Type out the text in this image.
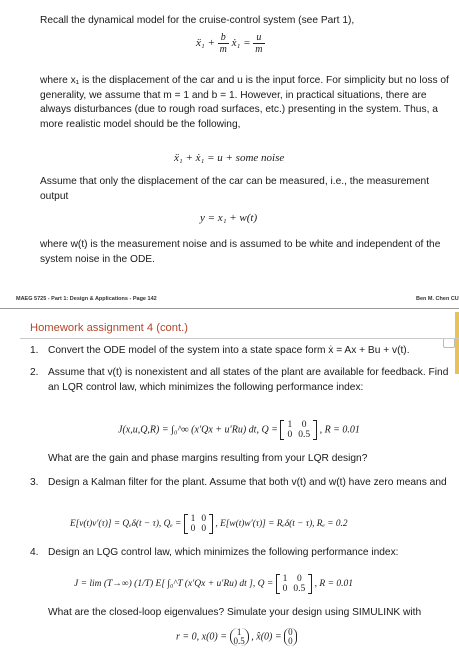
Recall the dynamical model for the cruise-control system (see Part 1),
ẍ₁ + $\frac{b}{m}$ ẋ₁ = $\frac{u}{m}$
where x₁ is the displacement of the car and u is the input force. For simplicity but no loss of generality, we assume that m = 1 and b = 1. However, in practical situations, there are always disturbances (due to rough road surfaces, etc.) presenting in the system. Thus, a more realistic model should be the following,
ẍ₁ + ẋ₁ = u + some noise
Assume that only the displacement of the car can be measured, i.e., the measurement output
y = x₁ + w(t)
where w(t) is the measurement noise and is assumed to be white and independent of the system noise in the ODE.
MAEG 5725 - Part 1: Design & Applications - Page 142	Ben M. Chen CU
Homework assignment 4 (cont.)
1. Convert the ODE model of the system into a state space form ẋ = Ax + Bu + v(t).
2. Assume that v(t) is nonexistent and all states of the plant are available for feedback. Find an LQR control law, which minimizes the following performance index:
J(x,u,Q,R) = ∫₀^∞ (x′Qx + u′Ru) dt, Q = 1	0
0	0.5 , R = 0.01
What are the gain and phase margins resulting from your LQR design?
3. Design a Kalman filter for the plant. Assume that both v(t) and w(t) have zero means and
E[v(t)v′(τ)] = Qₑδ(t − τ), Qₑ =
1	0
0	0 , E[w(t)w′(τ)] = Rₑδ(t − τ), Rₑ = 0.2
4. Design an LQG control law, which minimizes the following performance index:
J = lim (T→∞) (1/T) E[ ∫₀^T (x′Qx + u′Ru) dt ], Q =
1	0
0	0.5 , R = 0.01
What are the closed-loop eigenvalues? Simulate your design using SIMULINK with
r = 0, x(0) = 1
0.5 , x̂(0) = 0
0
